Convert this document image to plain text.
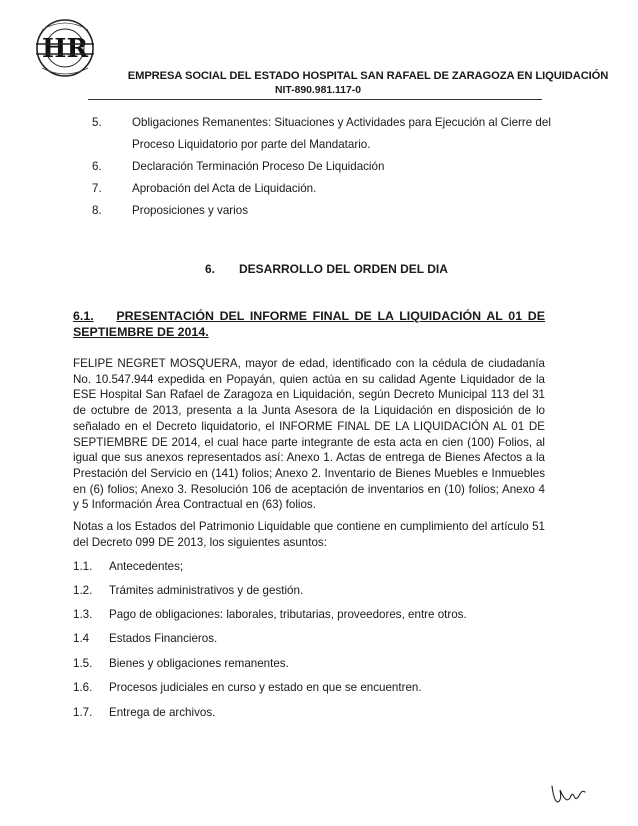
HR
EMPRESA SOCIAL DEL ESTADO HOSPITAL SAN RAFAEL DE ZARAGOZA EN LIQUIDACIÓN
NIT-890.981.117-0
5.	Obligaciones Remanentes: Situaciones y Actividades para Ejecución al Cierre del
Proceso Liquidatorio por parte del Mandatario.
6.	Declaración Terminación Proceso De Liquidación
7.	Aprobación del Acta de Liquidación.
8.	Proposiciones y varios
6. DESARROLLO DEL ORDEN DEL DIA
6.1. PRESENTACIÓN DEL INFORME FINAL DE LA LIQUIDACIÓN AL 01 DE SEPTIEMBRE DE 2014.
FELIPE NEGRET MOSQUERA, mayor de edad, identificado con la cédula de ciudadanía No. 10.547.944 expedida en Popayán, quien actúa en su calidad Agente Liquidador de la ESE Hospital San Rafael de Zaragoza en Liquidación, según Decreto Municipal 113 del 31 de octubre de 2013, presenta a la Junta Asesora de la Liquidación en disposición de lo señalado en el Decreto liquidatorio, el INFORME FINAL DE LA LIQUIDACIÓN AL 01 DE SEPTIEMBRE DE 2014, el cual hace parte integrante de esta acta en cien (100) Folios, al igual que sus anexos representados así: Anexo 1. Actas de entrega de Bienes Afectos a la Prestación del Servicio en (141) folios; Anexo 2. Inventario de Bienes Muebles e Inmuebles en (6) folios; Anexo 3. Resolución 106 de aceptación de inventarios en (10) folios; Anexo 4 y 5 Información Área Contractual en (63) folios.
Notas a los Estados del Patrimonio Liquidable que contiene en cumplimiento del artículo 51 del Decreto 099 DE 2013, los siguientes asuntos:
1.1. Antecedentes;
1.2. Trámites administrativos y de gestión.
1.3. Pago de obligaciones: laborales, tributarias, proveedores, entre otros.
1.4 Estados Financieros.
1.5. Bienes y obligaciones remanentes.
1.6. Procesos judiciales en curso y estado en que se encuentren.
1.7. Entrega de archivos.
